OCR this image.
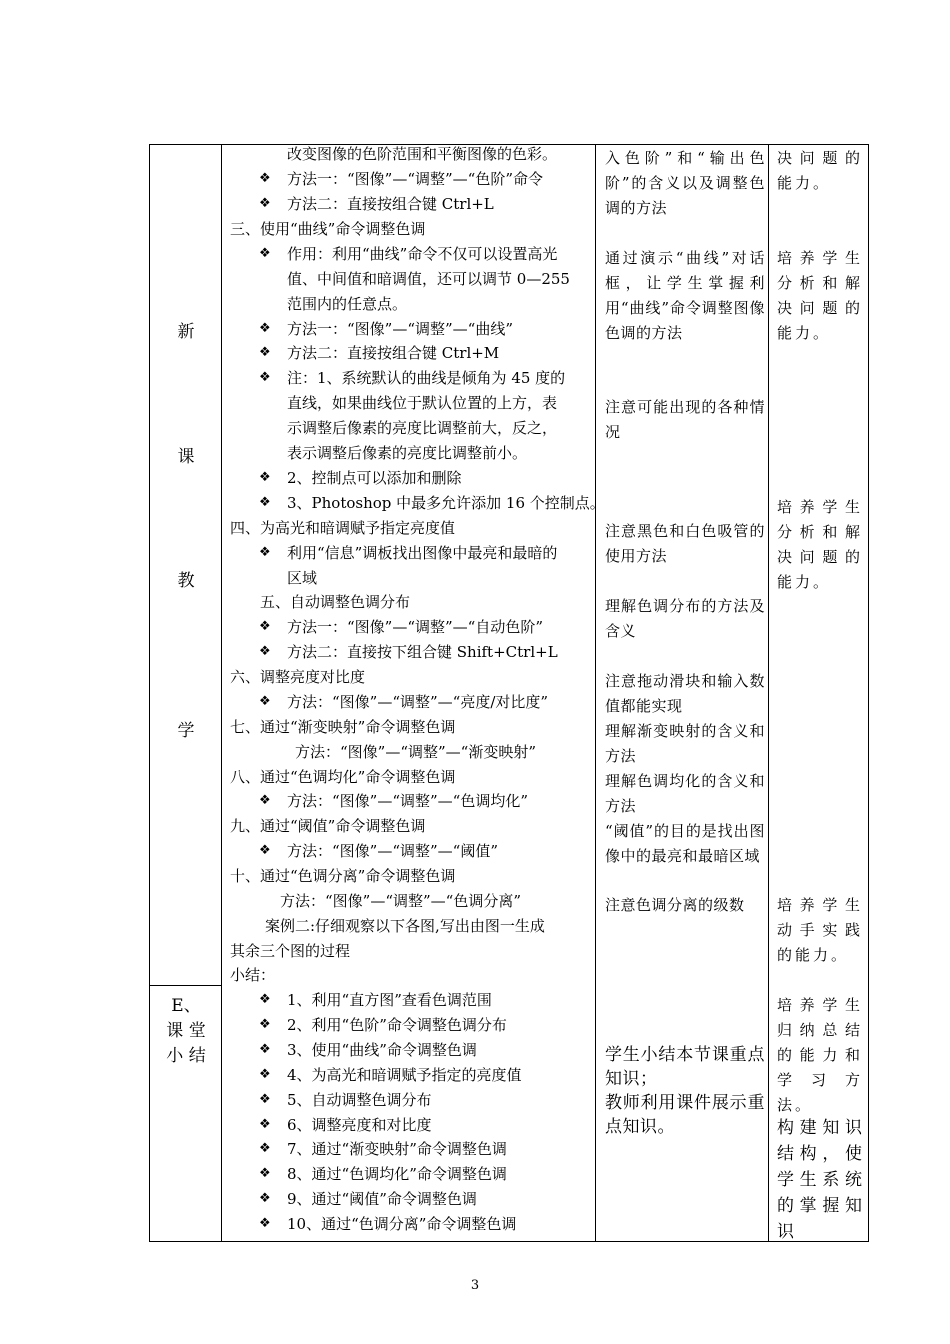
新
课
教
学
E、
课 堂
小 结
改变图像的色阶范围和平衡图像的色彩。
❖ 方法一：“图像”—“调整”—“色阶”命令
❖ 方法二：直接按组合键 Ctrl+L
三、使用“曲线”命令调整色调
❖ 作用：利用“曲线”命令不仅可以设置高光
值、中间值和暗调值，还可以调节 0—255
范围内的任意点。
❖ 方法一：“图像”—“调整”—“曲线”
❖ 方法二：直接按组合键 Ctrl+M
❖ 注：1、系统默认的曲线是倾角为 45 度的
直线，如果曲线位于默认位置的上方，表
示调整后像素的亮度比调整前大，反之，
表示调整后像素的亮度比调整前小。
❖ 2、控制点可以添加和删除
❖ 3、Photoshop 中最多允许添加 16 个控制点。
四、为高光和暗调赋予指定亮度值
❖ 利用“信息”调板找出图像中最亮和最暗的
区域
五、自动调整色调分布
❖ 方法一：“图像”—“调整”—“自动色阶”
❖ 方法二：直接按下组合键 Shift+Ctrl+L
六、调整亮度对比度
❖ 方法：“图像”—“调整”—“亮度/对比度”
七、通过“渐变映射”命令调整色调
方法：“图像”—“调整”—“渐变映射”
八、通过“色调均化”命令调整色调
❖ 方法：“图像”—“调整”—“色调均化”
九、通过“阈值”命令调整色调
❖ 方法：“图像”—“调整”—“阈值”
十、通过“色调分离”命令调整色调
方法：“图像”—“调整”—“色调分离”
案例二:仔细观察以下各图,写出由图一生成
其余三个图的过程
小结：
❖ 1、利用“直方图”查看色调范围
❖ 2、利用“色阶”命令调整色调分布
❖ 3、使用“曲线”命令调整色调
❖ 4、为高光和暗调赋予指定的亮度值
❖ 5、自动调整色调分布
❖ 6、调整亮度和对比度
❖ 7、通过“渐变映射”命令调整色调
❖ 8、通过“色调均化”命令调整色调
❖ 9、通过“阈值”命令调整色调
❖ 10、通过“色调分离”命令调整色调
入色阶”和“输出色阶”的含义以及调整色调的方法
通过演示“曲线”对话框，让学生掌握利用“曲线”命令调整图像色调的方法
注意可能出现的各种情况
注意黑色和白色吸管的使用方法
理解色调分布的方法及含义
注意拖动滑块和输入数值都能实现
理解渐变映射的含义和方法
理解色调均化的含义和方法
“阈值”的目的是找出图像中的最亮和最暗区域
注意色调分离的级数
学生小结本节课重点知识；
教师利用课件展示重点知识。
决问题的能力。
培养学生分析和解决问题的能力。
培养学生分析和解决问题的能力。
培养学生动手实践的能力。
培养学生归纳总结的能力和学习方法。
构建知识结构，使学生系统的掌握知识
3
